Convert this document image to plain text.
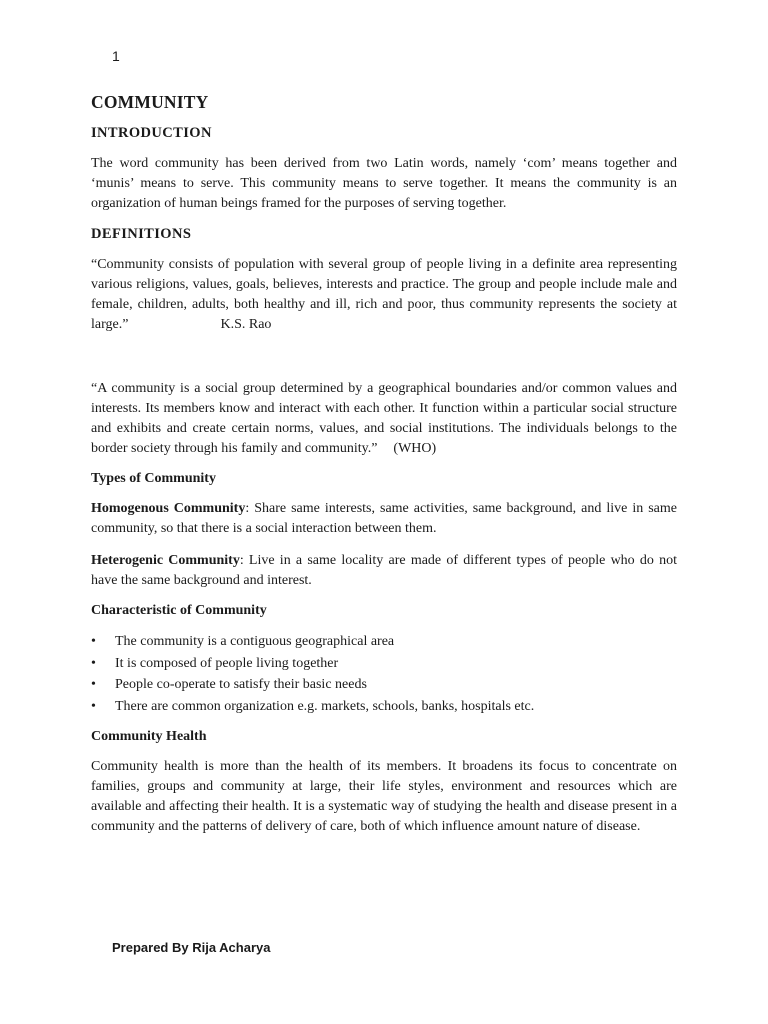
1
COMMUNITY
INTRODUCTION

The word community has been derived from two Latin words, namely ‘com’ means together and ‘munis’ means to serve. This community means to serve together. It means the community is an organization of human beings framed for the purposes of serving together.

DEFINITIONS

“Community consists of population with several group of people living in a definite area representing various religions, values, goals, believes, interests and practice. The group and people include male and female, children, adults, both healthy and ill, rich and poor, thus community represents the society at large.”	K.S. Rao

“A community is a social group determined by a geographical boundaries and/or common values and interests. Its members know and interact with each other. It function within a particular social structure and exhibits and create certain norms, values, and social institutions. The individuals belongs to the border society through his family and community.” (WHO)

Types of Community

Homogenous Community: Share same interests, same activities, same background, and live in same community, so that there is a social interaction between them.

Heterogenic Community: Live in a same locality are made of different types of people who do not have the same background and interest.

Characteristic of Community
• The community is a contiguous geographical area
• It is composed of people living together
• People co-operate to satisfy their basic needs
• There are common organization e.g. markets, schools, banks, hospitals etc.
Community Health

Community health is more than the health of its members. It broadens its focus to concentrate on families, groups and community at large, their life styles, environment and resources which are available and affecting their health. It is a systematic way of studying the health and disease present in a community and the patterns of delivery of care, both of which influence amount nature of disease.

Prepared By Rija Acharya
